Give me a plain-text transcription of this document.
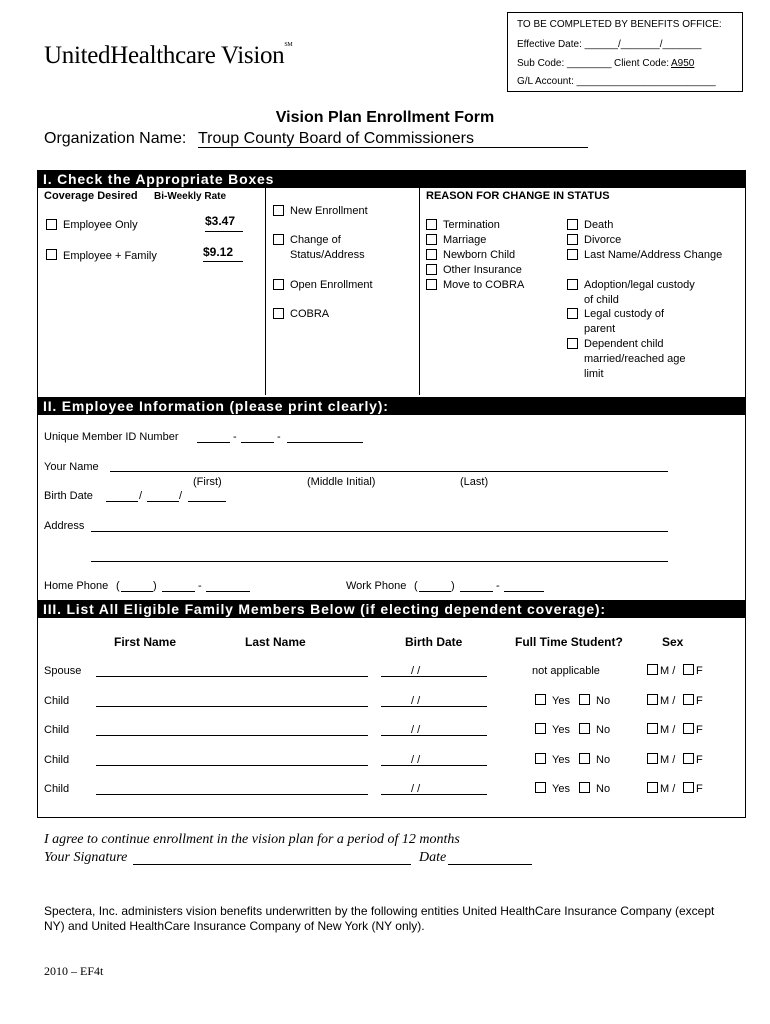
TO BE COMPLETED BY BENEFITS OFFICE:
Effective Date: ______/_______/_______
Sub Code: ________ Client Code: A950
G/L Account: _________________________
UnitedHealthcare Vision℠
Vision Plan Enrollment Form
Organization Name: Troup County Board of Commissioners
I. Check the Appropriate Boxes
Coverage Desired Bi-Weekly Rate
Employee Only	$3.47
Employee + Family	$9.12
New Enrollment
Change of
Status/Address
Open Enrollment
COBRA
REASON FOR CHANGE IN STATUS
Termination
Marriage
Newborn Child
Other Insurance
Move to COBRA
Death
Divorce
Last Name/Address Change
Adoption/legal custody
of child
Legal custody of
parent
Dependent child
married/reached age
limit
II. Employee Information (please print clearly):
Unique Member ID Number	-	-
Your Name
(First)	(Middle Initial)	(Last)
Birth Date	/	/
Address
Home Phone (	)	-	Work Phone (	)	-
III. List All Eligible Family Members Below (if electing dependent coverage):
First Name	Last Name	Birth Date	Full Time Student?	Sex
Spouse	/ /	not applicable	M / F
Child	/ /	Yes No	M / F
Child	/ /	Yes No	M / F
Child	/ /	Yes No	M / F
Child	/ /	Yes No	M / F
I agree to continue enrollment in the vision plan for a period of 12 months
Your Signature	Date
Spectera, Inc. administers vision benefits underwritten by the following entities United HealthCare Insurance Company (except NY) and United HealthCare Insurance Company of New York (NY only).
2010 – EF4t
